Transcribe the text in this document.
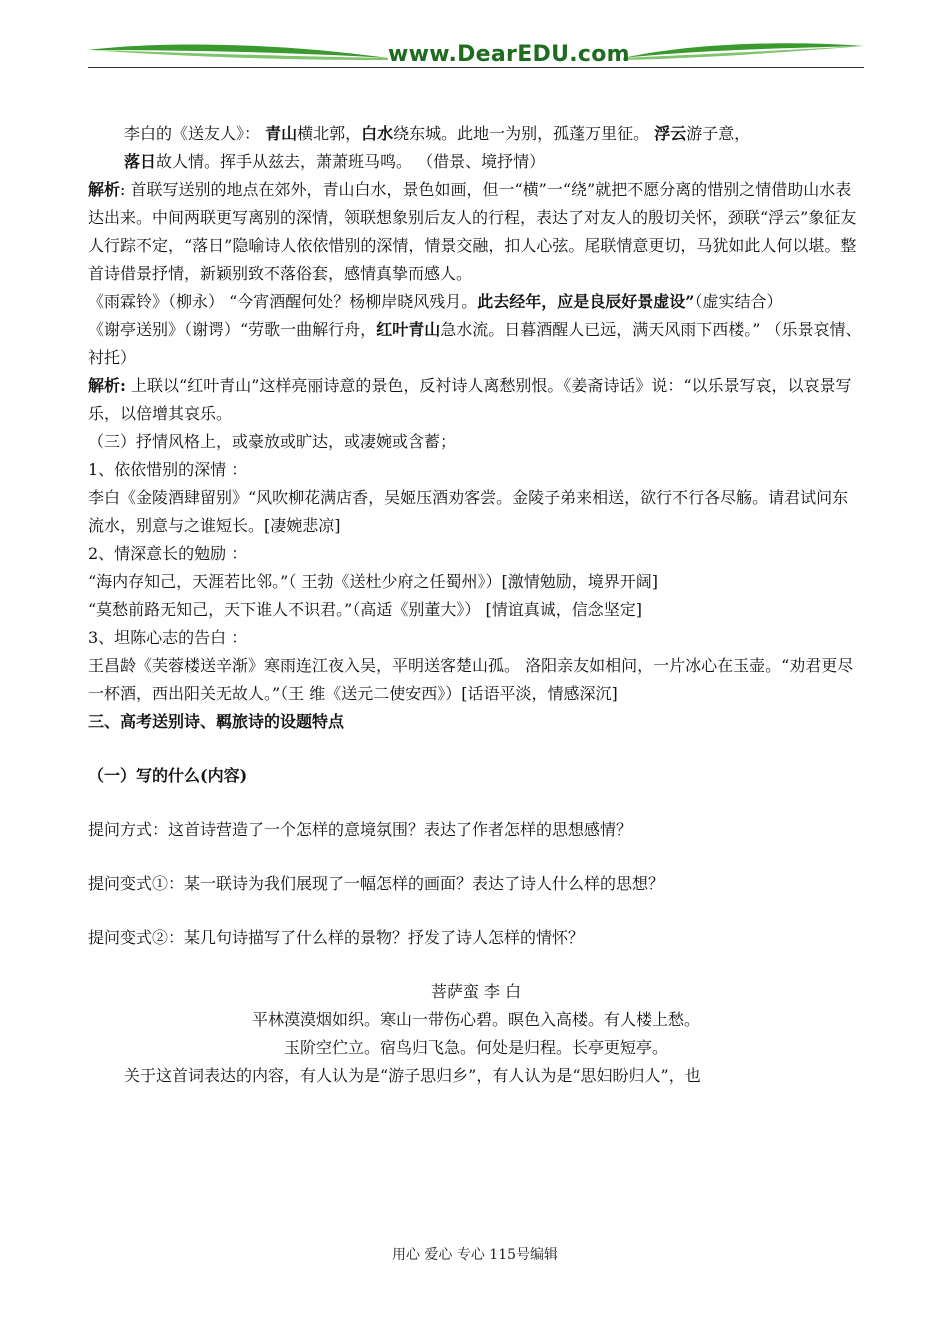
www.DearEDU.com

李白的《送友人》： 青山横北郭，白水绕东城。此地一为别，孤蓬万里征。 浮云游子意，
落日故人情。挥手从兹去，萧萧班马鸣。 （借景、境抒情）

解析: 首联写送别的地点在郊外，青山白水，景色如画，但一“横”一“绕”就把不愿分离的惜别之情借助山水表达出来。中间两联更写离别的深情，领联想象别后友人的行程，表达了对友人的殷切关怀，颈联“浮云”象征友人行踪不定，“落日”隐喻诗人依依惜别的深情，情景交融，扣人心弦。尾联情意更切，马犹如此人何以堪。整首诗借景抒情，新颖别致不落俗套，感情真挚而感人。

《雨霖铃》（柳永） “今宵酒醒何处？杨柳岸晓风残月。此去经年，应是良辰好景虚设”（虚实结合）

《谢亭送别》（谢谔）“劳歌一曲解行舟，红叶青山急水流。日暮酒醒人已远，满天风雨下西楼。” （乐景哀情、衬托）

解析: 上联以“红叶青山”这样亮丽诗意的景色，反衬诗人离愁别恨。《姜斋诗话》说：“以乐景写哀，以哀景写乐，以倍增其哀乐。

（三）抒情风格上，或豪放或旷达，或凄婉或含蓄；

1、依依惜别的深情 ：

李白《金陵酒肆留别》“风吹柳花满店香，吴姬压酒劝客尝。金陵子弟来相送，欲行不行各尽觞。请君试问东流水，别意与之谁短长。[凄婉悲凉]

2、情深意长的勉励 ：

“海内存知己，天涯若比邻。”（ 王勃《送杜少府之任蜀州》）[激情勉励，境界开阔]

“莫愁前路无知己，天下谁人不识君。”（高适《别董大》） [情谊真诚，信念坚定]

3、坦陈心志的告白 ：

王昌龄《芙蓉楼送辛渐》寒雨连江夜入吴，平明送客楚山孤。 洛阳亲友如相问，一片冰心在玉壶。“劝君更尽一杯酒，西出阳关无故人。”（王 维《送元二使安西》）[话语平淡，情感深沉]

三、高考送别诗、羁旅诗的设题特点

（一）写的什么(内容)

提问方式：这首诗营造了一个怎样的意境氛围？表达了作者怎样的思想感情？

提问变式①：某一联诗为我们展现了一幅怎样的画面？表达了诗人什么样的思想？

提问变式②：某几句诗描写了什么样的景物？抒发了诗人怎样的情怀？

菩萨蛮 李 白

平林漠漠烟如织。寒山一带伤心碧。暝色入高楼。有人楼上愁。

玉阶空伫立。宿鸟归飞急。何处是归程。长亭更短亭。

关于这首词表达的内容，有人认为是“游子思归乡”，有人认为是“思妇盼归人”，也

用心 爱心 专心 115号编辑
